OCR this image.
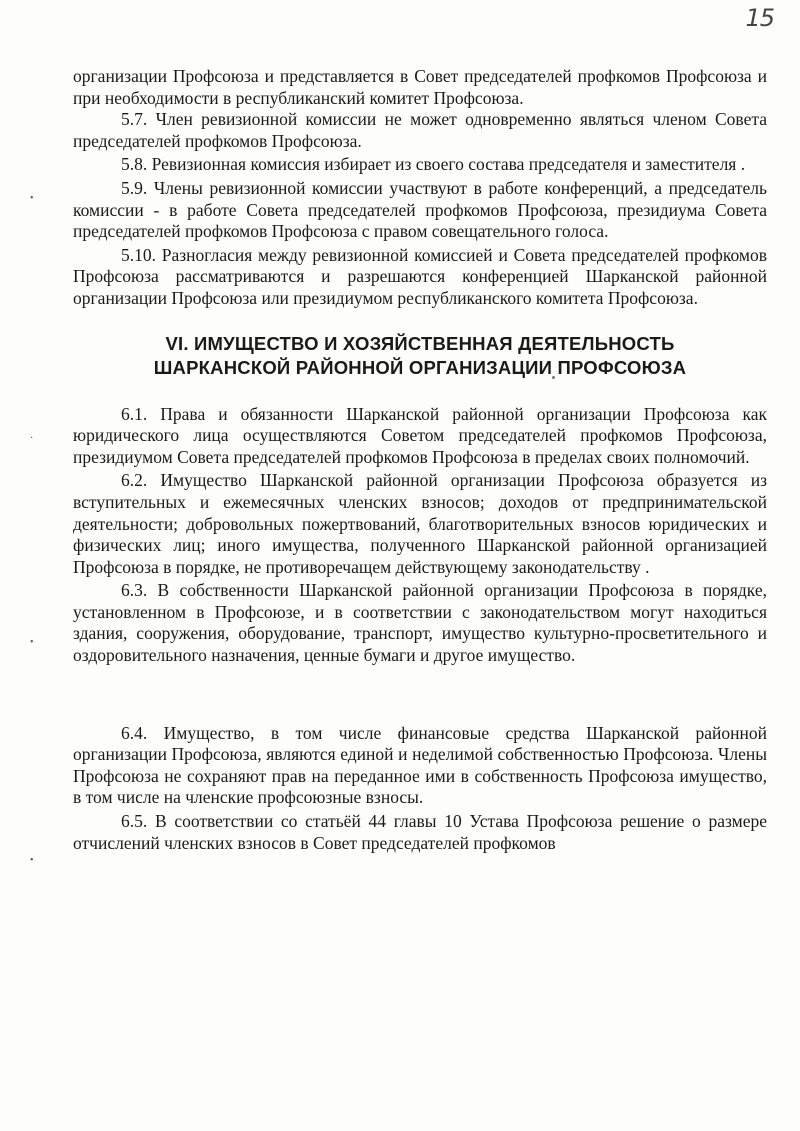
15
•
·
•
•

организации Профсоюза и представляется в Совет председателей профкомов Профсоюза и при необходимости в республиканский комитет Профсоюза.

5.7. Член ревизионной комиссии не может одновременно являться членом Совета председателей профкомов Профсоюза.

5.8. Ревизионная комиссия избирает из своего состава председателя и заместителя .

5.9. Члены ревизионной комиссии участвуют в работе конференций, а председатель комиссии - в работе Совета председателей профкомов Профсоюза, президиума Совета председателей профкомов Профсоюза с правом совещательного голоса.

5.10. Разногласия между ревизионной комиссией и Совета председателей профкомов Профсоюза рассматриваются и разрешаются конференцией Шарканской районной организации Профсоюза или президиумом республиканского комитета Профсоюза.

VI. ИМУЩЕСТВО И ХОЗЯЙСТВЕННАЯ ДЕЯТЕЛЬНОСТЬ
ШАРКАНСКОЙ РАЙОННОЙ ОРГАНИЗАЦИИ ПРОФСОЮЗА

6.1. Права и обязанности Шарканской районной организации Профсоюза как юридического лица осуществляются Советом председателей профкомов Профсоюза, президиумом Совета председателей профкомов Профсоюза в пределах своих полномочий.

6.2. Имущество Шарканской районной организации Профсоюза образуется из вступительных и ежемесячных членских взносов; доходов от предпринимательской деятельности; добровольных пожертвований, благотворительных взносов юридических и физических лиц; иного имущества, полученного Шарканской районной организацией Профсоюза в порядке, не противоречащем действующему законодательству .

6.3. В собственности Шарканской районной организации Профсоюза в порядке, установленном в Профсоюзе, и в соответствии с законодательством могут находиться здания, сооружения, оборудование, транспорт, имущество культурно-просветительного и оздоровительного назначения, ценные бумаги и другое имущество.

6.4. Имущество, в том числе финансовые средства Шарканской районной организации Профсоюза, являются единой и неделимой собственностью Профсоюза. Члены Профсоюза не сохраняют прав на переданное ими в собственность Профсоюза имущество, в том числе на членские профсоюзные взносы.

6.5. В соответствии со статьёй 44 главы 10 Устава Профсоюза решение о размере отчислений членских взносов в Совет председателей профкомов
